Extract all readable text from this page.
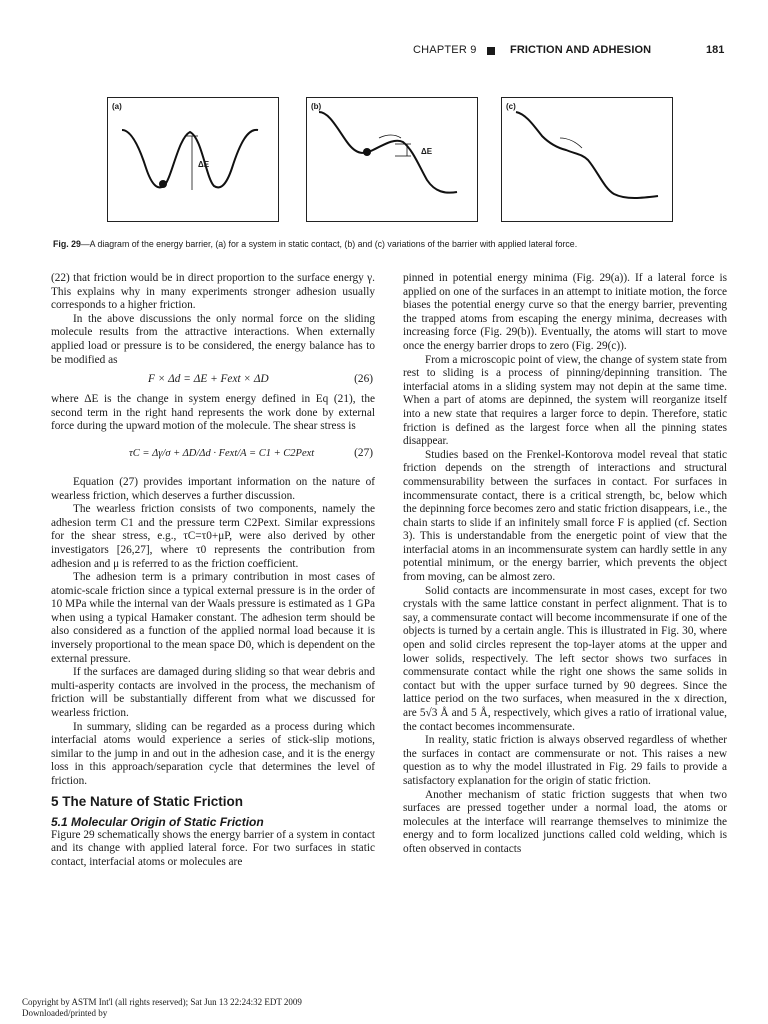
CHAPTER 9	FRICTION AND ADHESION	181
(a)
ΔE
(b)
ΔE
(c)
Fig. 29—A diagram of the energy barrier, (a) for a system in static contact, (b) and (c) variations of the barrier with applied lateral force.

(22) that friction would be in direct proportion to the surface energy γ. This explains why in many experiments stronger adhesion usually corresponds to a higher friction.

In the above discussions the only normal force on the sliding molecule results from the attractive interactions. When externally applied load or pressure is to be considered, the energy balance has to be modified as

F × Δd = ΔE + Fext × ΔD	(26)

where ΔE is the change in system energy defined in Eq (21), the second term in the right hand represents the work done by external force during the upward motion of the molecule. The shear stress is

τC = Δγ/σ + ΔD/Δd · Fext/A = C1 + C2Pext	(27)

Equation (27) provides important information on the nature of wearless friction, which deserves a further discussion.

The wearless friction consists of two components, namely the adhesion term C1 and the pressure term C2Pext. Similar expressions for the shear stress, e.g., τC=τ0+μP, were also derived by other investigators [26,27], where τ0 represents the contribution from adhesion and μ is referred to as the friction coefficient.

The adhesion term is a primary contribution in most cases of atomic-scale friction since a typical external pressure is in the order of 10 MPa while the internal van der Waals pressure is estimated as 1 GPa when using a typical Hamaker constant. The adhesion term should be also considered as a function of the applied normal load because it is inversely proportional to the mean space D0, which is dependent on the external pressure.

If the surfaces are damaged during sliding so that wear debris and multi-asperity contacts are involved in the process, the mechanism of friction will be substantially different from what we discussed for wearless friction.

In summary, sliding can be regarded as a process during which interfacial atoms would experience a series of stick-slip motions, similar to the jump in and out in the adhesion case, and it is the energy loss in this approach/separation cycle that determines the level of friction.

5 The Nature of Static Friction
5.1 Molecular Origin of Static Friction

Figure 29 schematically shows the energy barrier of a system in contact and its change with applied lateral force. For two surfaces in static contact, interfacial atoms or molecules are

pinned in potential energy minima (Fig. 29(a)). If a lateral force is applied on one of the surfaces in an attempt to initiate motion, the force biases the potential energy curve so that the energy barrier, preventing the trapped atoms from escaping the energy minima, decreases with increasing force (Fig. 29(b)). Eventually, the atoms will start to move once the energy barrier drops to zero (Fig. 29(c)).

From a microscopic point of view, the change of system state from rest to sliding is a process of pinning/depinning transition. The interfacial atoms in a sliding system may not depin at the same time. When a part of atoms are depinned, the system will reorganize itself into a new state that requires a larger force to depin. Therefore, static friction is defined as the largest force when all the pinning states disappear.

Studies based on the Frenkel-Kontorova model reveal that static friction depends on the strength of interactions and structural commensurability between the surfaces in contact. For surfaces in incommensurate contact, there is a critical strength, bc, below which the depinning force becomes zero and static friction disappears, i.e., the chain starts to slide if an infinitely small force F is applied (cf. Section 3). This is understandable from the energetic point of view that the interfacial atoms in an incommensurate system can hardly settle in any potential minimum, or the energy barrier, which prevents the object from moving, can be almost zero.

Solid contacts are incommensurate in most cases, except for two crystals with the same lattice constant in perfect alignment. That is to say, a commensurate contact will become incommensurate if one of the objects is turned by a certain angle. This is illustrated in Fig. 30, where open and solid circles represent the top-layer atoms at the upper and lower solids, respectively. The left sector shows two surfaces in commensurate contact while the right one shows the same solids in contact but with the upper surface turned by 90 degrees. Since the lattice period on the two surfaces, when measured in the x direction, are 5√3 Å and 5 Å, respectively, which gives a ratio of irrational value, the contact becomes incommensurate.

In reality, static friction is always observed regardless of whether the surfaces in contact are commensurate or not. This raises a new question as to why the model illustrated in Fig. 29 fails to provide a satisfactory explanation for the origin of static friction.

Another mechanism of static friction suggests that when two surfaces are pressed together under a normal load, the atoms or molecules at the interface will rearrange themselves to minimize the energy and to form localized junctions called cold welding, which is often observed in contacts

Copyright by ASTM Int'l (all rights reserved); Sat Jun 13 22:24:32 EDT 2009
Downloaded/printed by
